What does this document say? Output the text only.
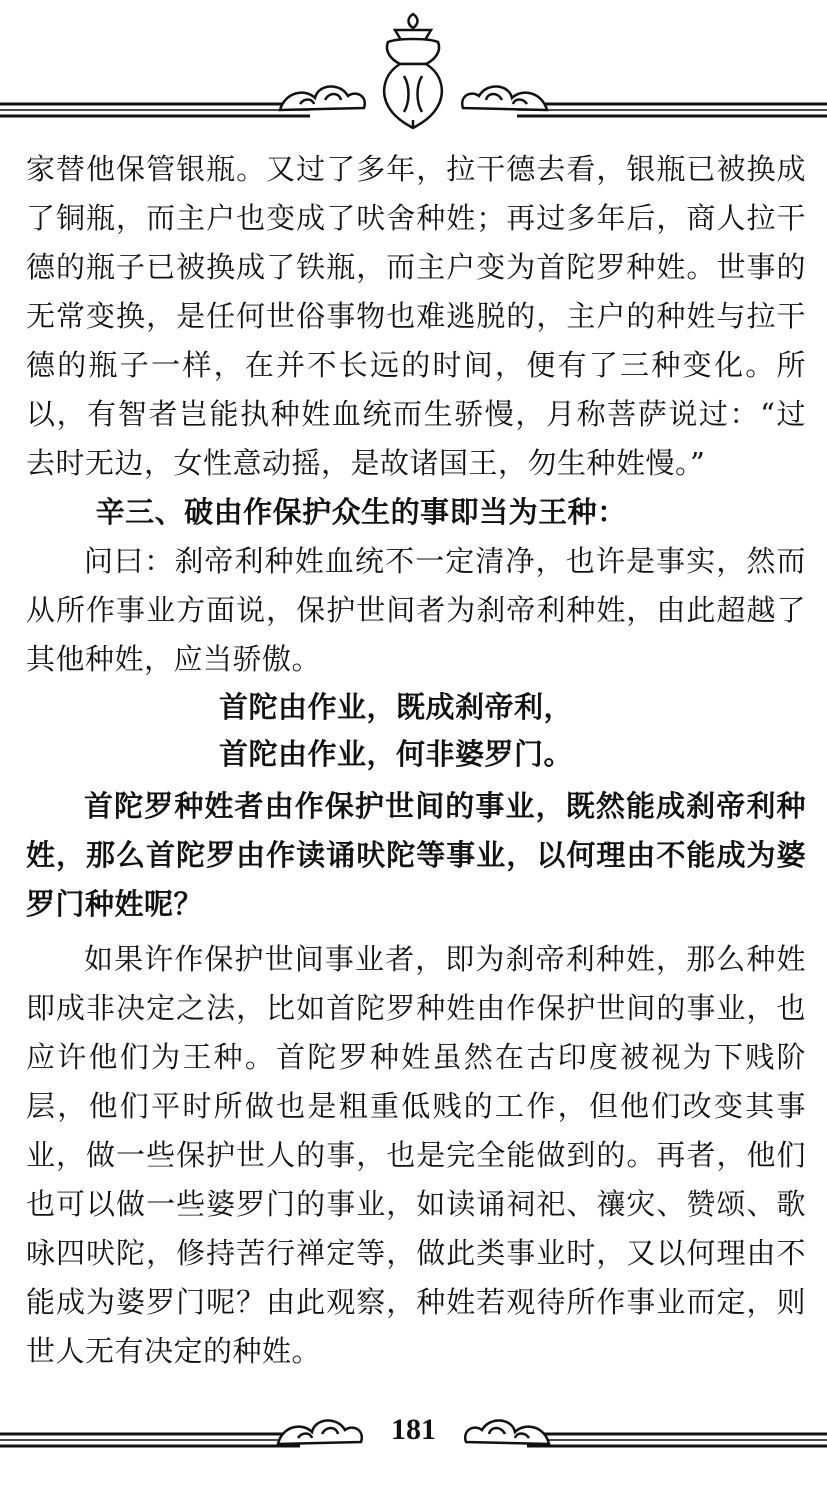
家替他保管银瓶。又过了多年，拉干德去看，银瓶已被换成了铜瓶，而主户也变成了吠舍种姓；再过多年后，商人拉干德的瓶子已被换成了铁瓶，而主户变为首陀罗种姓。世事的无常变换，是任何世俗事物也难逃脱的，主户的种姓与拉干德的瓶子一样，在并不长远的时间，便有了三种变化。所以，有智者岂能执种姓血统而生骄慢，月称菩萨说过：“过去时无边，女性意动摇，是故诸国王，勿生种姓慢。”

辛三、破由作保护众生的事即当为王种：

问曰：刹帝利种姓血统不一定清净，也许是事实，然而从所作事业方面说，保护世间者为刹帝利种姓，由此超越了其他种姓，应当骄傲。

首陀由作业，既成刹帝利，

首陀由作业，何非婆罗门。

首陀罗种姓者由作保护世间的事业，既然能成刹帝利种姓，那么首陀罗由作读诵吠陀等事业，以何理由不能成为婆罗门种姓呢？

如果许作保护世间事业者，即为刹帝利种姓，那么种姓即成非决定之法，比如首陀罗种姓由作保护世间的事业，也应许他们为王种。首陀罗种姓虽然在古印度被视为下贱阶层，他们平时所做也是粗重低贱的工作，但他们改变其事业，做一些保护世人的事，也是完全能做到的。再者，他们也可以做一些婆罗门的事业，如读诵祠祀、禳灾、赞颂、歌咏四吠陀，修持苦行禅定等，做此类事业时，又以何理由不能成为婆罗门呢？由此观察，种姓若观待所作事业而定，则世人无有决定的种姓。

181
